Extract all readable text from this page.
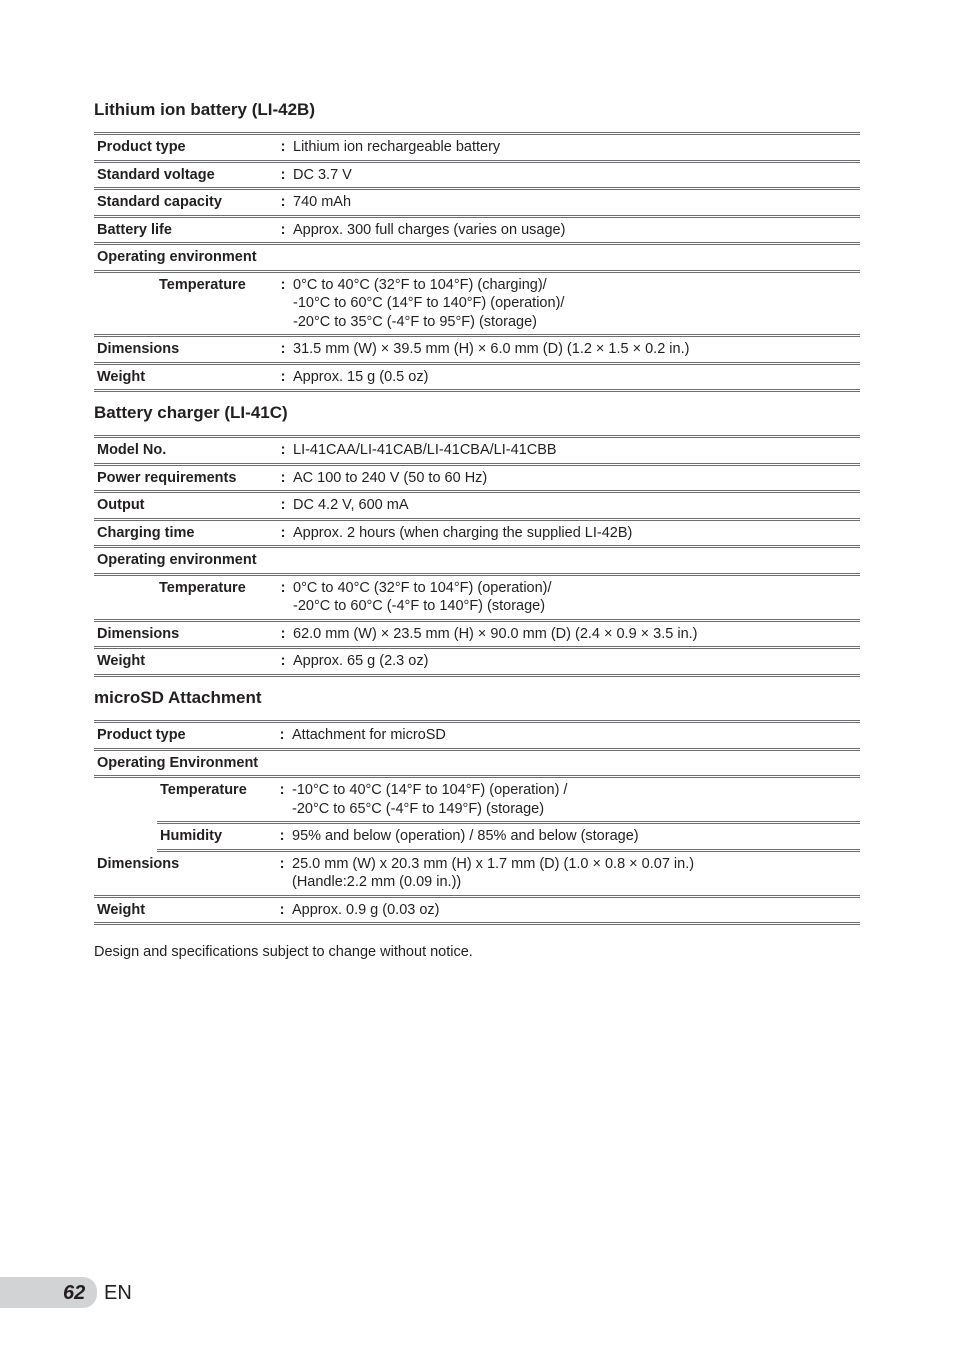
Lithium ion battery (LI-42B)
Product type	:	Lithium ion rechargeable battery
Standard voltage	:	DC 3.7 V
Standard capacity	:	740 mAh
Battery life	:	Approx. 300 full charges (varies on usage)
Operating environment		
Temperature	:	0°C to 40°C (32°F to 104°F) (charging)/
-10°C to 60°C (14°F to 140°F) (operation)/
-20°C to 35°C (-4°F to 95°F) (storage)

Dimensions	:	31.5 mm (W) × 39.5 mm (H) × 6.0 mm (D) (1.2 × 1.5 × 0.2 in.)
Weight	:	Approx. 15 g (0.5 oz)
Battery charger (LI-41C)
Model No.	:	LI-41CAA/LI-41CAB/LI-41CBA/LI-41CBB
Power requirements	:	AC 100 to 240 V (50 to 60 Hz)
Output	:	DC 4.2 V, 600 mA
Charging time	:	Approx. 2 hours (when charging the supplied LI-42B)
Operating environment		
Temperature	:	0°C to 40°C (32°F to 104°F) (operation)/
-20°C to 60°C (-4°F to 140°F) (storage)

Dimensions	:	62.0 mm (W) × 23.5 mm (H) × 90.0 mm (D) (2.4 × 0.9 × 3.5 in.)
Weight	:	Approx. 65 g (2.3 oz)
microSD Attachment
Product type		:	Attachment for microSD
Operating Environment			
	Temperature	:	-10°C to 40°C (14°F to 104°F) (operation) /
-20°C to 65°C (-4°F to 149°F) (storage)

	Humidity	:	95% and below (operation) / 85% and below (storage)
Dimensions		:	25.0 mm (W) x 20.3 mm (H) x 1.7 mm (D) (1.0 × 0.8 × 0.07 in.)
(Handle:2.2 mm (0.09 in.))

Weight		:	Approx. 0.9 g (0.03 oz)

Design and specifications subject to change without notice.

62 EN
